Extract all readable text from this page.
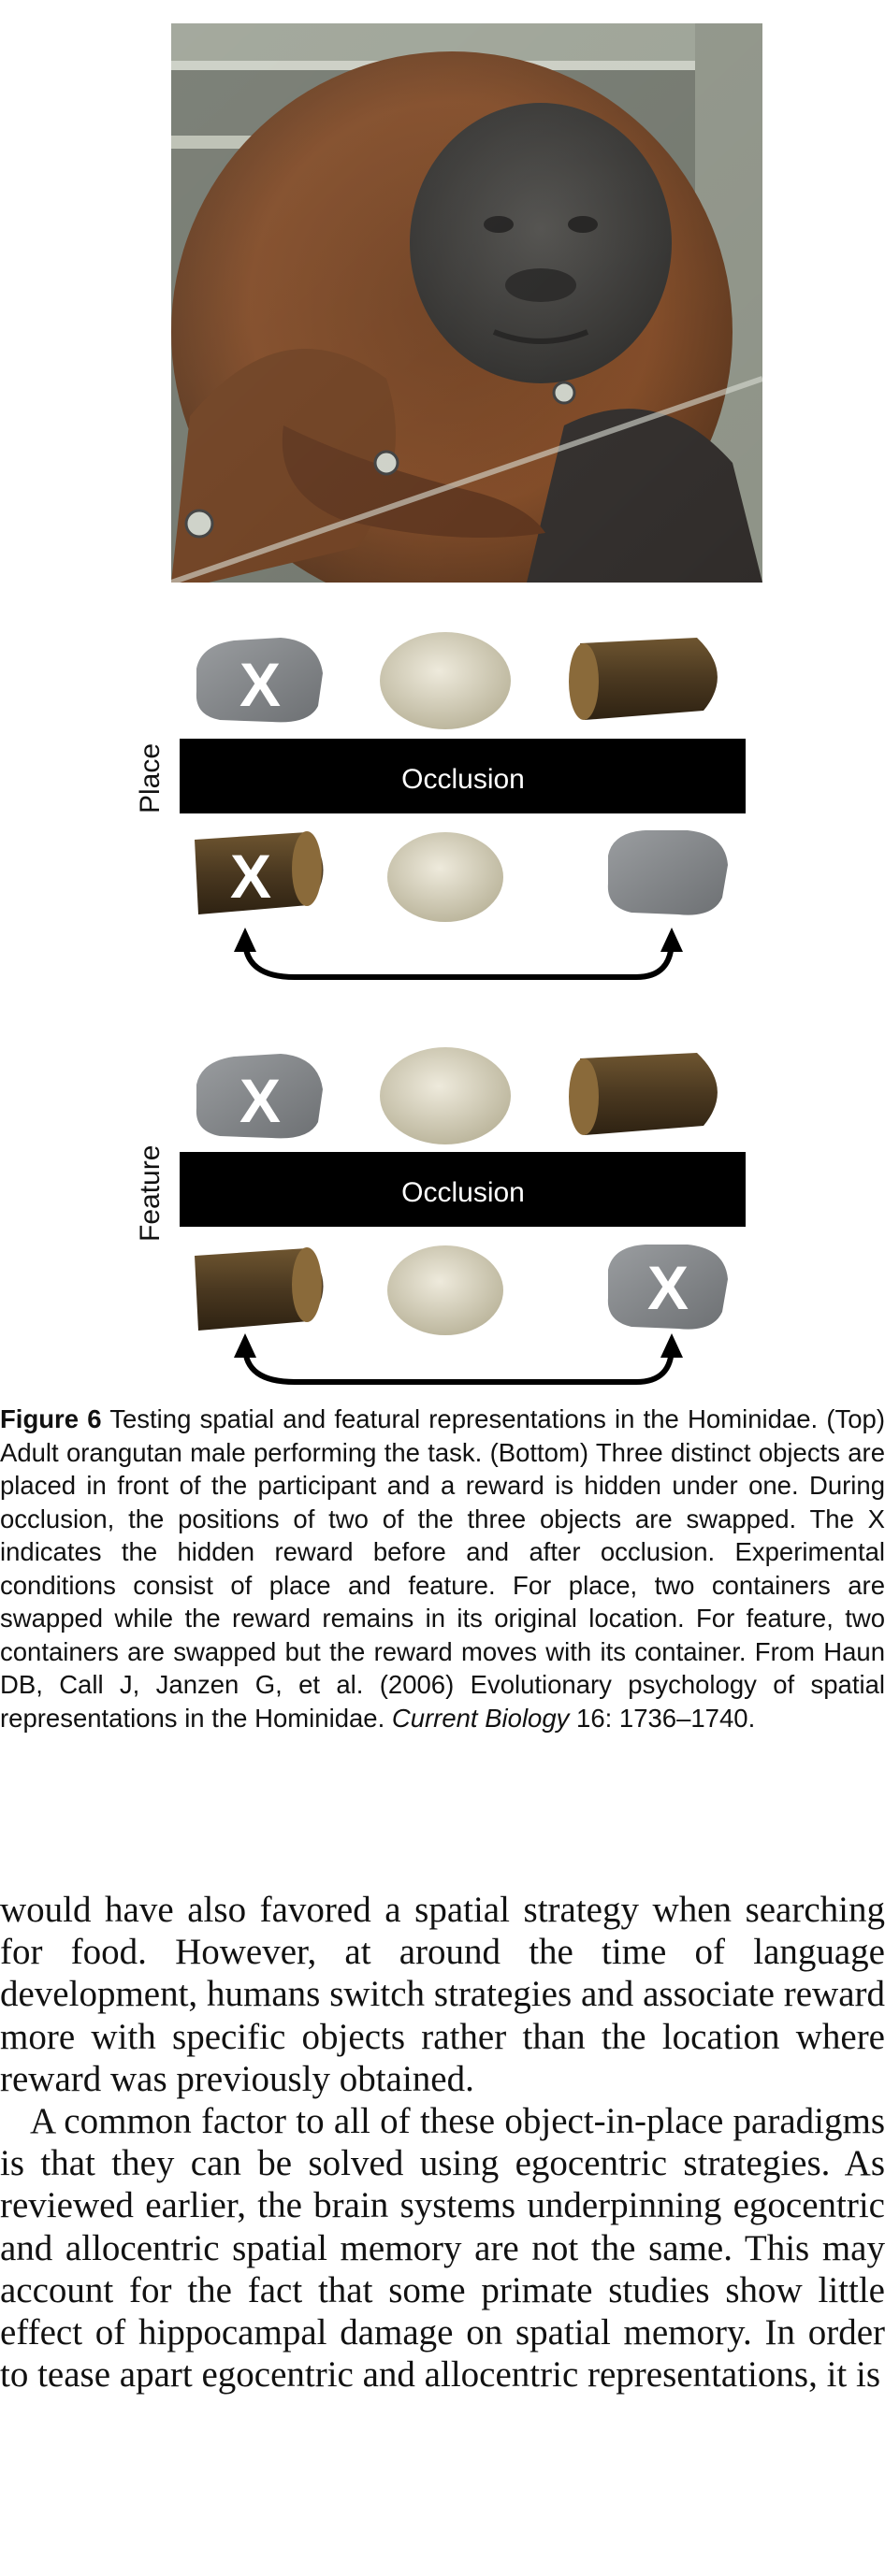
X
Occlusion
Place
X
X
Occlusion
Feature
X
Figure 6 Testing spatial and featural representations in the Hominidae. (Top) Adult orangutan male performing the task. (Bottom) Three distinct objects are placed in front of the participant and a reward is hidden under one. During occlusion, the positions of two of the three objects are swapped. The X indicates the hidden reward before and after occlusion. Experimental conditions consist of place and feature. For place, two containers are swapped while the reward remains in its original location. For feature, two containers are swapped but the reward moves with its container. From Haun DB, Call J, Janzen G, et al. (2006) Evolutionary psychology of spatial representations in the Hominidae. Current Biology 16: 1736–1740.

would have also favored a spatial strategy when searching for food. However, at around the time of language development, humans switch strategies and associate reward more with specific objects rather than the location where reward was previously obtained.

A common factor to all of these object-in-place paradigms is that they can be solved using egocentric strategies. As reviewed earlier, the brain systems underpinning egocentric and allocentric spatial memory are not the same. This may account for the fact that some primate studies show little effect of hippocampal damage on spatial memory. In order to tease apart egocentric and allocentric representations, it is
